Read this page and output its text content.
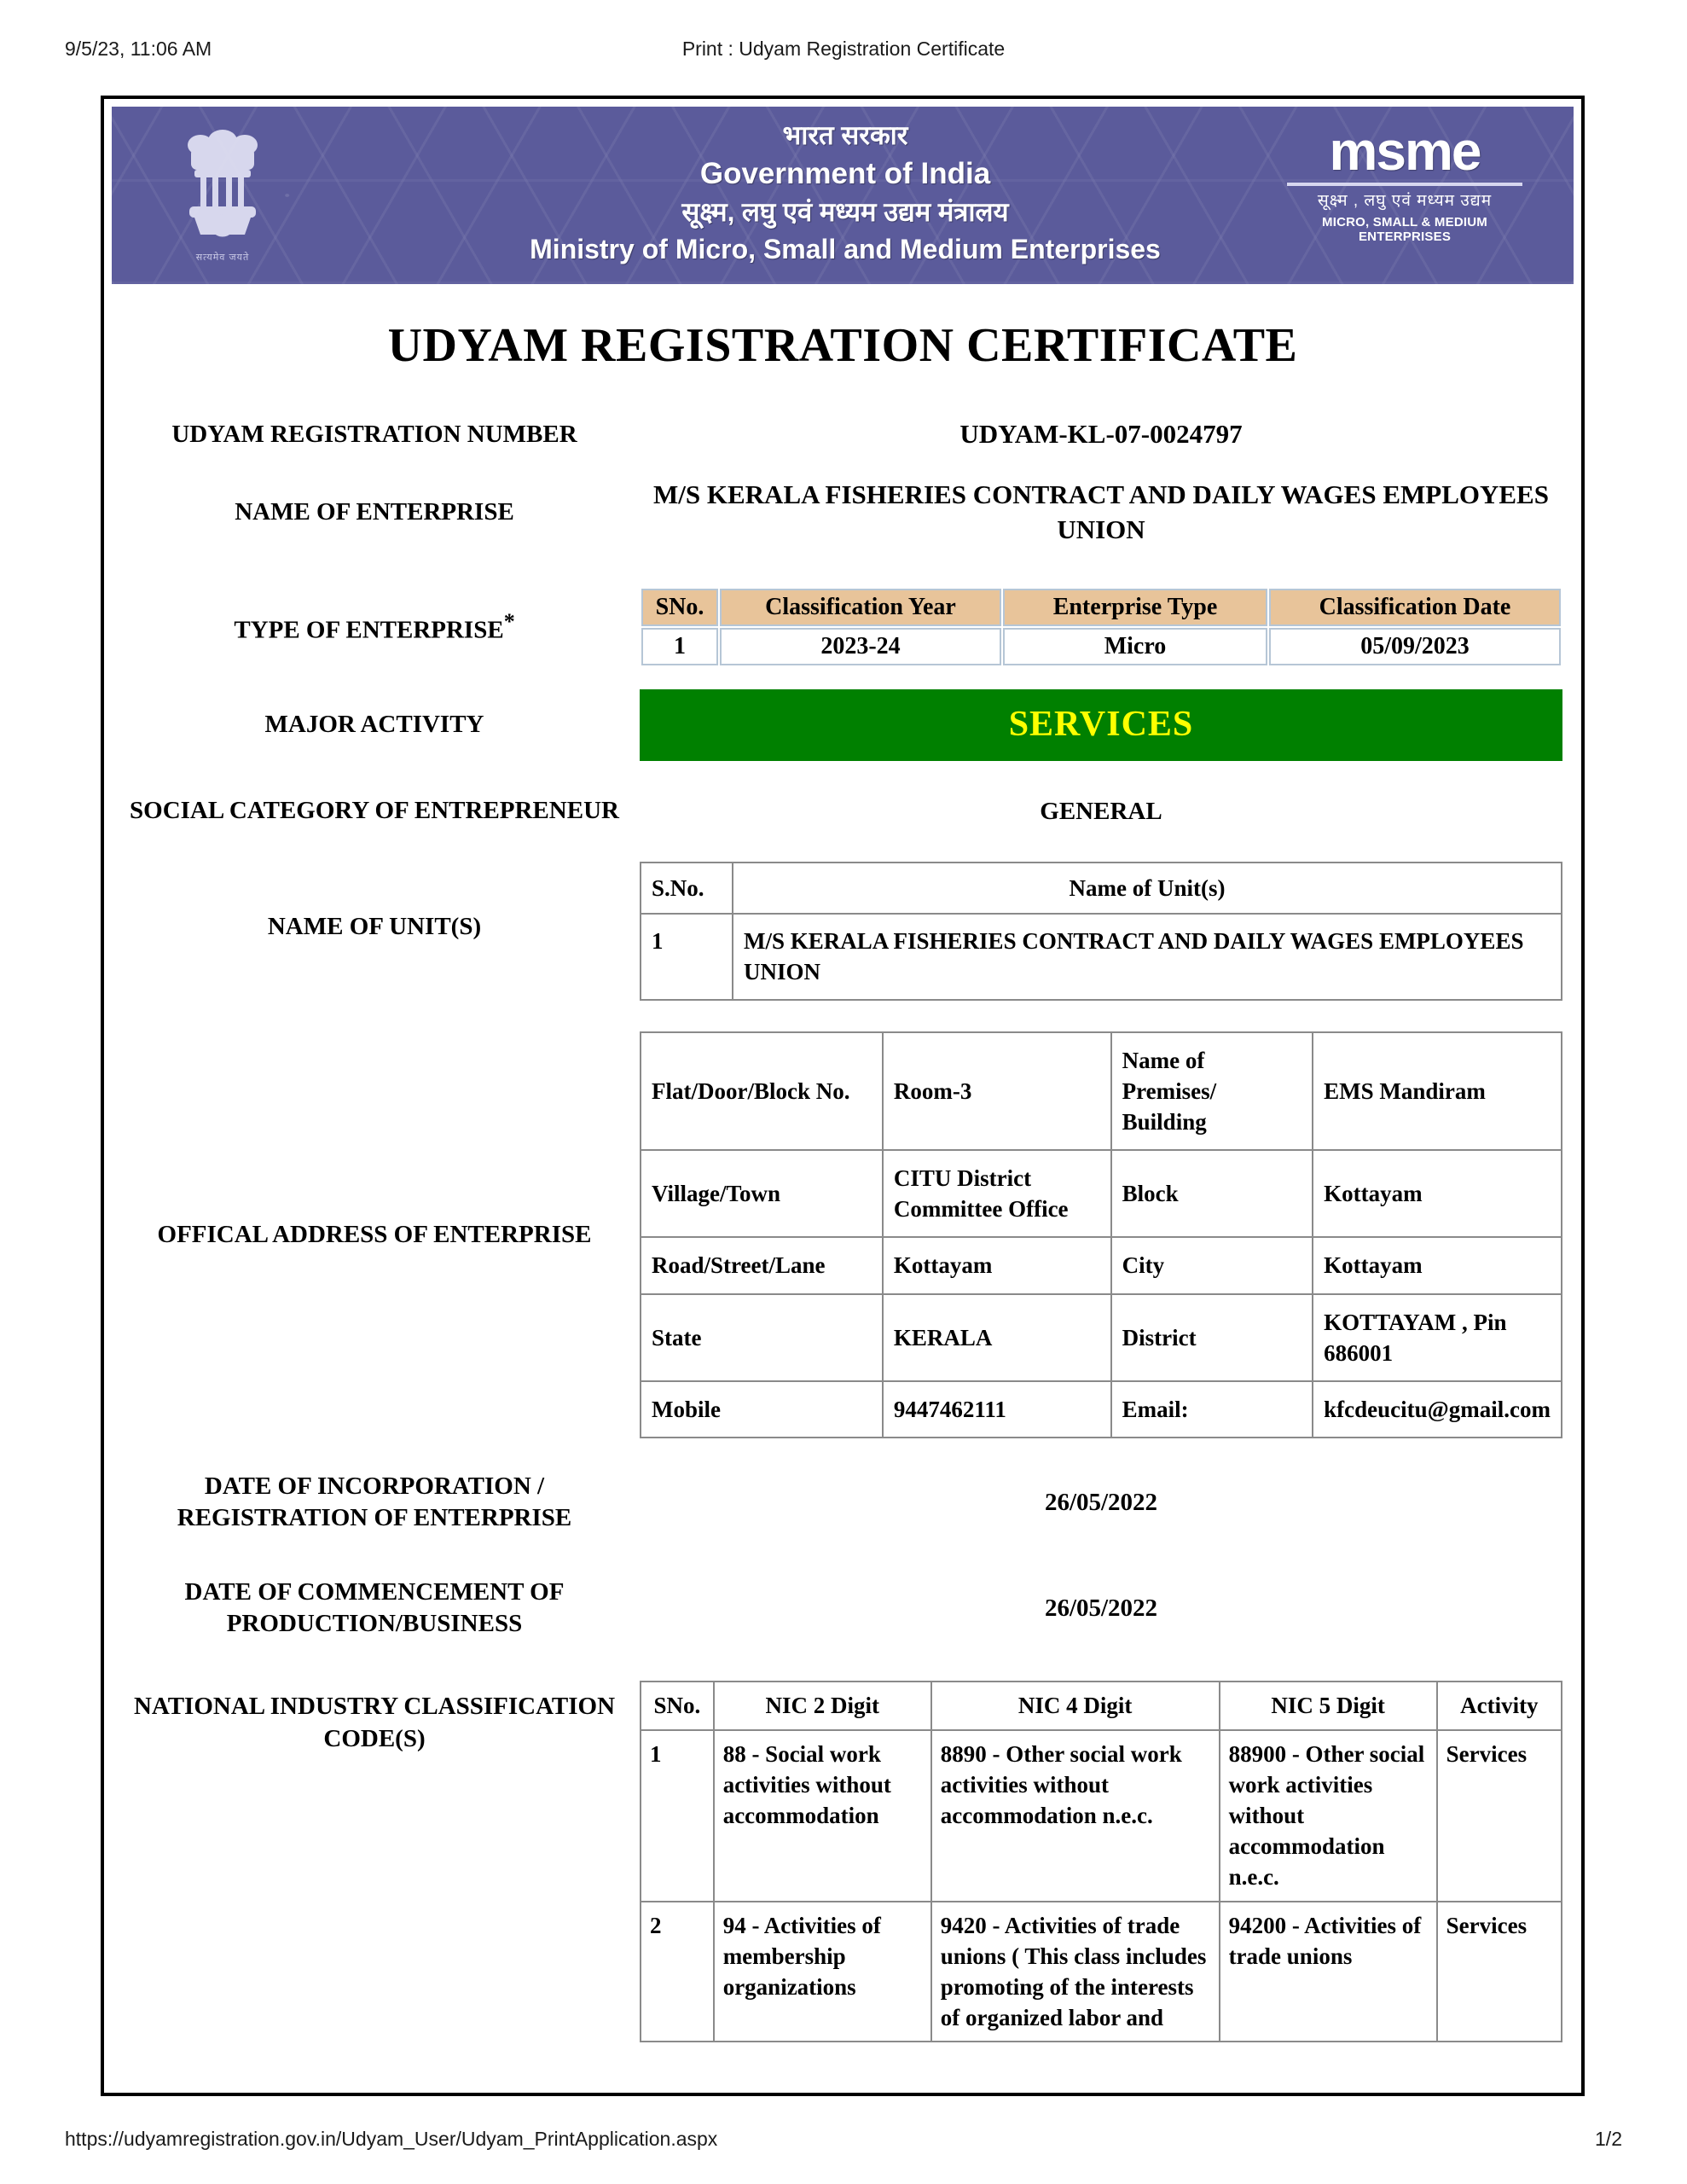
9/5/23, 11:06 AM	Print : Udyam Registration Certificate
सत्यमेव जयते
भारत सरकार
Government of India
सूक्ष्म, लघु एवं मध्यम उद्यम मंत्रालय
Ministry of Micro, Small and Medium Enterprises
msme
सूक्ष्म , लघु एवं मध्यम उद्यम
MICRO, SMALL & MEDIUM ENTERPRISES
UDYAM REGISTRATION CERTIFICATE
UDYAM REGISTRATION NUMBER	UDYAM-KL-07-0024797
NAME OF ENTERPRISE
M/S KERALA FISHERIES CONTRACT AND DAILY WAGES EMPLOYEES UNION
TYPE OF ENTERPRISE*
SNo.	Classification Year	Enterprise Type	Classification Date
1	2023-24	Micro	05/09/2023
MAJOR ACTIVITY	SERVICES
SOCIAL CATEGORY OF ENTREPRENEUR	GENERAL
NAME OF UNIT(S)
S.No.	Name of Unit(s)
1	M/S KERALA FISHERIES CONTRACT AND DAILY WAGES EMPLOYEES UNION
OFFICAL ADDRESS OF ENTERPRISE
Flat/Door/Block No.	Room-3	Name of Premises/ Building	EMS Mandiram
Village/Town	CITU District Committee Office	Block	Kottayam
Road/Street/Lane	Kottayam	City	Kottayam
State	KERALA	District	KOTTAYAM , Pin 686001
Mobile	9447462111	Email:	kfcdeucitu@gmail.com
DATE OF INCORPORATION / REGISTRATION OF ENTERPRISE
26/05/2022
DATE OF COMMENCEMENT OF PRODUCTION/BUSINESS
26/05/2022
NATIONAL INDUSTRY CLASSIFICATION CODE(S)
SNo.	NIC 2 Digit	NIC 4 Digit	NIC 5 Digit	Activity
1	88 - Social work activities without accommodation	8890 - Other social work activities without accommodation n.e.c.	88900 - Other social work activities without accommodation n.e.c.	Services
2	94 - Activities of membership organizations	9420 - Activities of trade unions ( This class includes promoting of the interests of organized labor and	94200 - Activities of trade unions	Services
https://udyamregistration.gov.in/Udyam_User/Udyam_PrintApplication.aspx	1/2
